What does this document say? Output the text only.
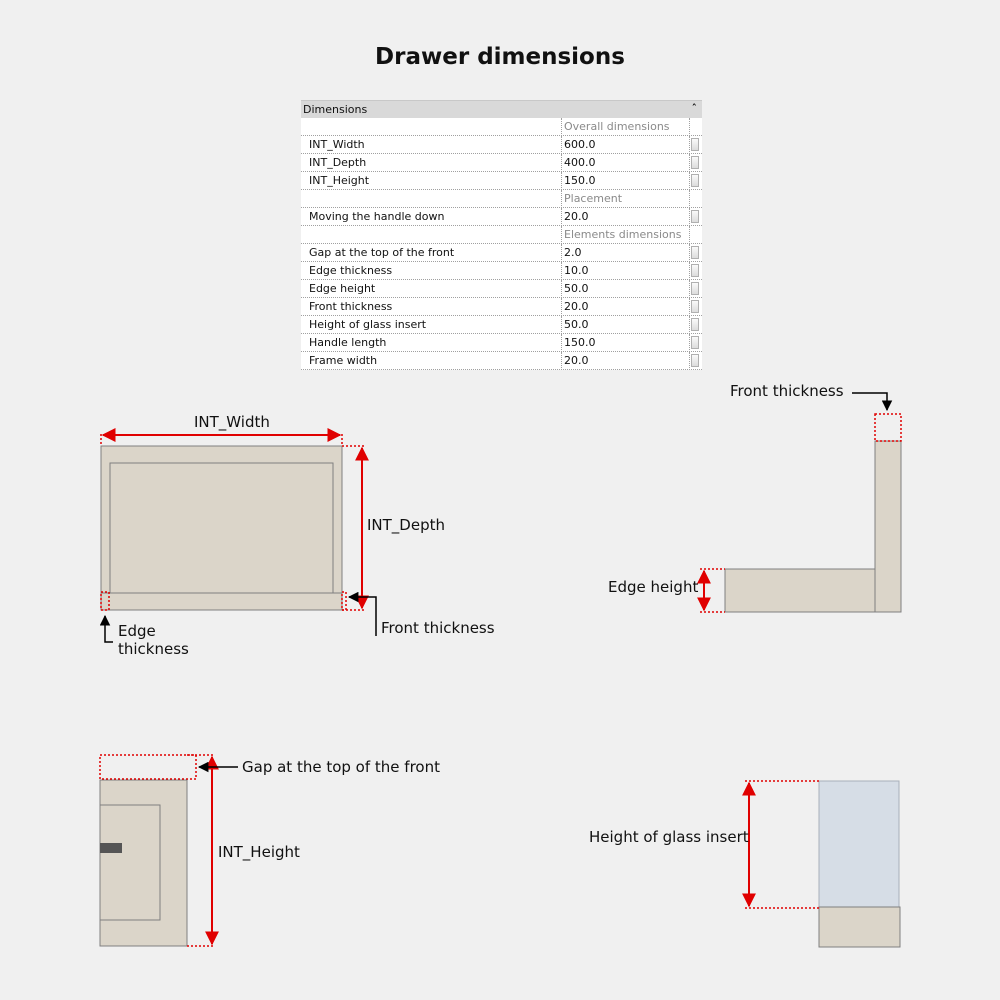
Drawer dimensions
Dimensions	ˆ̂
Overall dimensions
INT_Width	600.0
INT_Depth	400.0
INT_Height	150.0
Placement
Moving the handle down	20.0
Elements dimensions
Gap at the top of the front	2.0
Edge thickness	10.0
Edge height	50.0
Front thickness	20.0
Height of glass insert	50.0
Handle length	150.0
Frame width	20.0
INT_Width
INT_Depth
Front thickness
Edge
thickness
Front thickness
Edge height
Gap at the top of the front
INT_Height
Height of glass insert
